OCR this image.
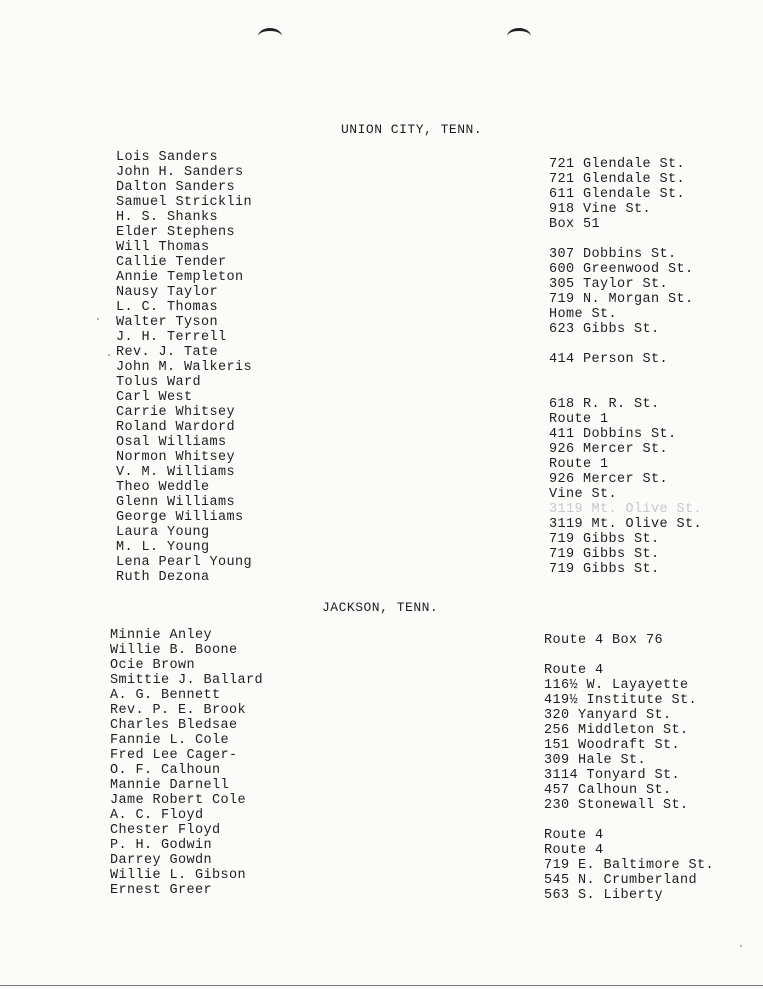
UNION CITY, TENN.
Lois Sanders
John H. Sanders
Dalton Sanders
Samuel Stricklin
H. S. Shanks
Elder Stephens
Will Thomas
Callie Tender
Annie Templeton
Nausy Taylor
L. C. Thomas
Walter Tyson
J. H. Terrell
Rev. J. Tate
John M. Walkeris
Tolus Ward
Carl West
Carrie Whitsey
Roland Wardord
Osal Williams
Normon Whitsey
V. M. Williams
Theo Weddle
Glenn Williams
George Williams
Laura Young
M. L. Young
Lena Pearl Young
Ruth Dezona
721 Glendale St.
721 Glendale St.
611 Glendale St.
918 Vine St.
Box 51
307 Dobbins St.
600 Greenwood St.
305 Taylor St.
719 N. Morgan St.
Home St.
623 Gibbs St.
414 Person St.
618 R. R. St.
Route 1
411 Dobbins St.
926 Mercer St.
Route 1
926 Mercer St.
Vine St.
3119 Mt. Olive St.
3119 Mt. Olive St.
719 Gibbs St.
719 Gibbs St.
719 Gibbs St.
JACKSON, TENN.
Minnie Anley
Willie B. Boone
Ocie Brown
Smittie J. Ballard
A. G. Bennett
Rev. P. E. Brook
Charles Bledsae
Fannie L. Cole
Fred Lee Cager-
O. F. Calhoun
Mannie Darnell
Jame Robert Cole
A. C. Floyd
Chester Floyd
P. H. Godwin
Darrey Gowdn
Willie L. Gibson
Ernest Greer
Route 4 Box 76
Route 4
116½ W. Layayette
419½ Institute St.
320 Yanyard St.
256 Middleton St.
151 Woodraft St.
309 Hale St.
3114 Tonyard St.
457 Calhoun St.
230 Stonewall St.
Route 4
Route 4
719 E. Baltimore St.
545 N. Crumberland
563 S. Liberty
